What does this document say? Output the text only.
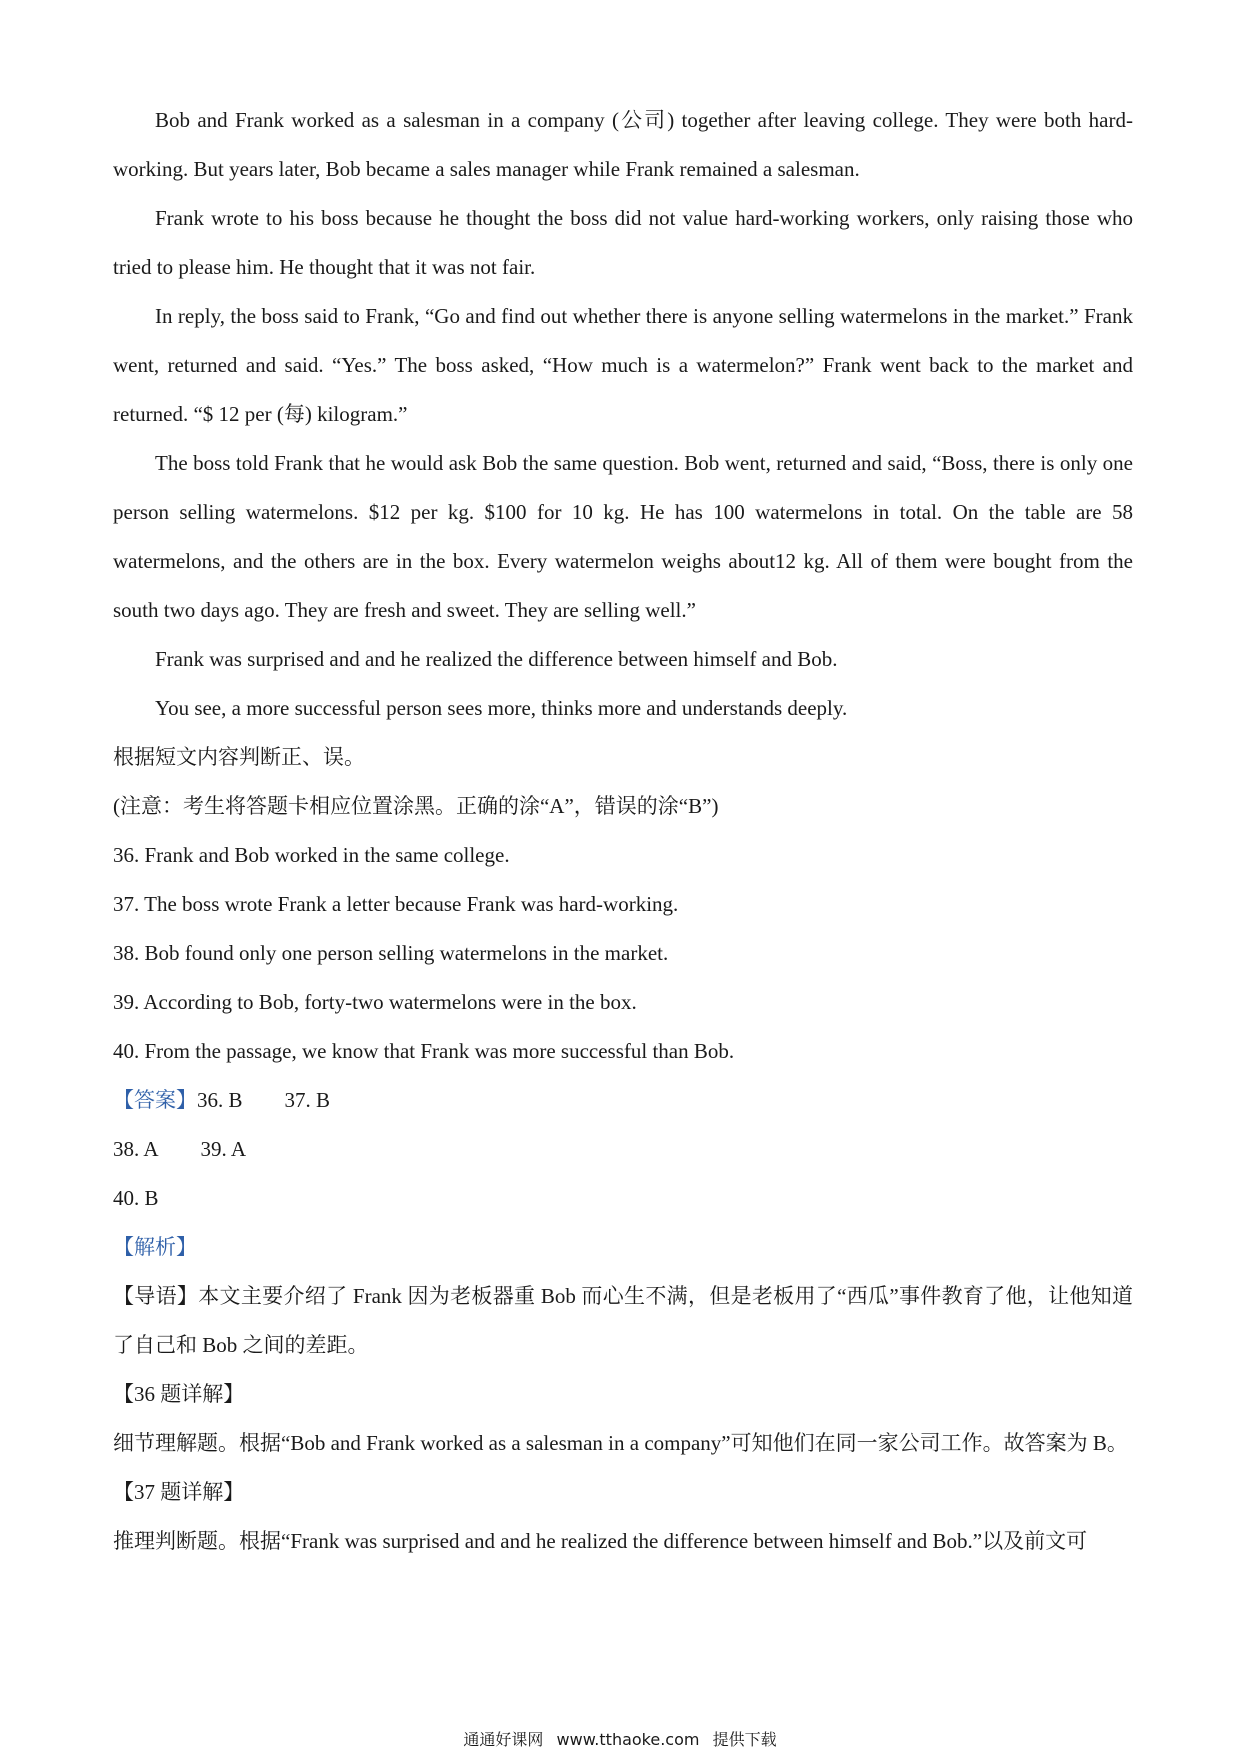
Bob and Frank worked as a salesman in a company (公司) together after leaving college. They were both hard-working. But years later, Bob became a sales manager while Frank remained a salesman.

Frank wrote to his boss because he thought the boss did not value hard-working workers, only raising those who tried to please him. He thought that it was not fair.

In reply, the boss said to Frank, “Go and find out whether there is anyone selling watermelons in the market.” Frank went, returned and said. “Yes.” The boss asked, “How much is a watermelon?” Frank went back to the market and returned. “$ 12 per (每) kilogram.”

The boss told Frank that he would ask Bob the same question. Bob went, returned and said, “Boss, there is only one person selling watermelons. $12 per kg. $100 for 10 kg. He has 100 watermelons in total. On the table are 58 watermelons, and the others are in the box. Every watermelon weighs about12 kg. All of them were bought from the south two days ago. They are fresh and sweet. They are selling well.”

Frank was surprised and and he realized the difference between himself and Bob.

You see, a more successful person sees more, thinks more and understands deeply.

根据短文内容判断正、误。

(注意：考生将答题卡相应位置涂黑。正确的涂“A”，错误的涂“B”)

36. Frank and Bob worked in the same college.

37. The boss wrote Frank a letter because Frank was hard-working.

38. Bob found only one person selling watermelons in the market.

39. According to Bob, forty-two watermelons were in the box.

40. From the passage, we know that Frank was more successful than Bob.

【答案】36. B 37. B

38. A 39. A

40. B

【解析】

【导语】本文主要介绍了 Frank 因为老板器重 Bob 而心生不满，但是老板用了“西瓜”事件教育了他，让他知道了自己和 Bob 之间的差距。

【36 题详解】

细节理解题。根据“Bob and Frank worked as a salesman in a company”可知他们在同一家公司工作。故答案为 B。

【37 题详解】

推理判断题。根据“Frank was surprised and and he realized the difference between himself and Bob.”以及前文可

通通好课网 www.tthaoke.com 提供下载
